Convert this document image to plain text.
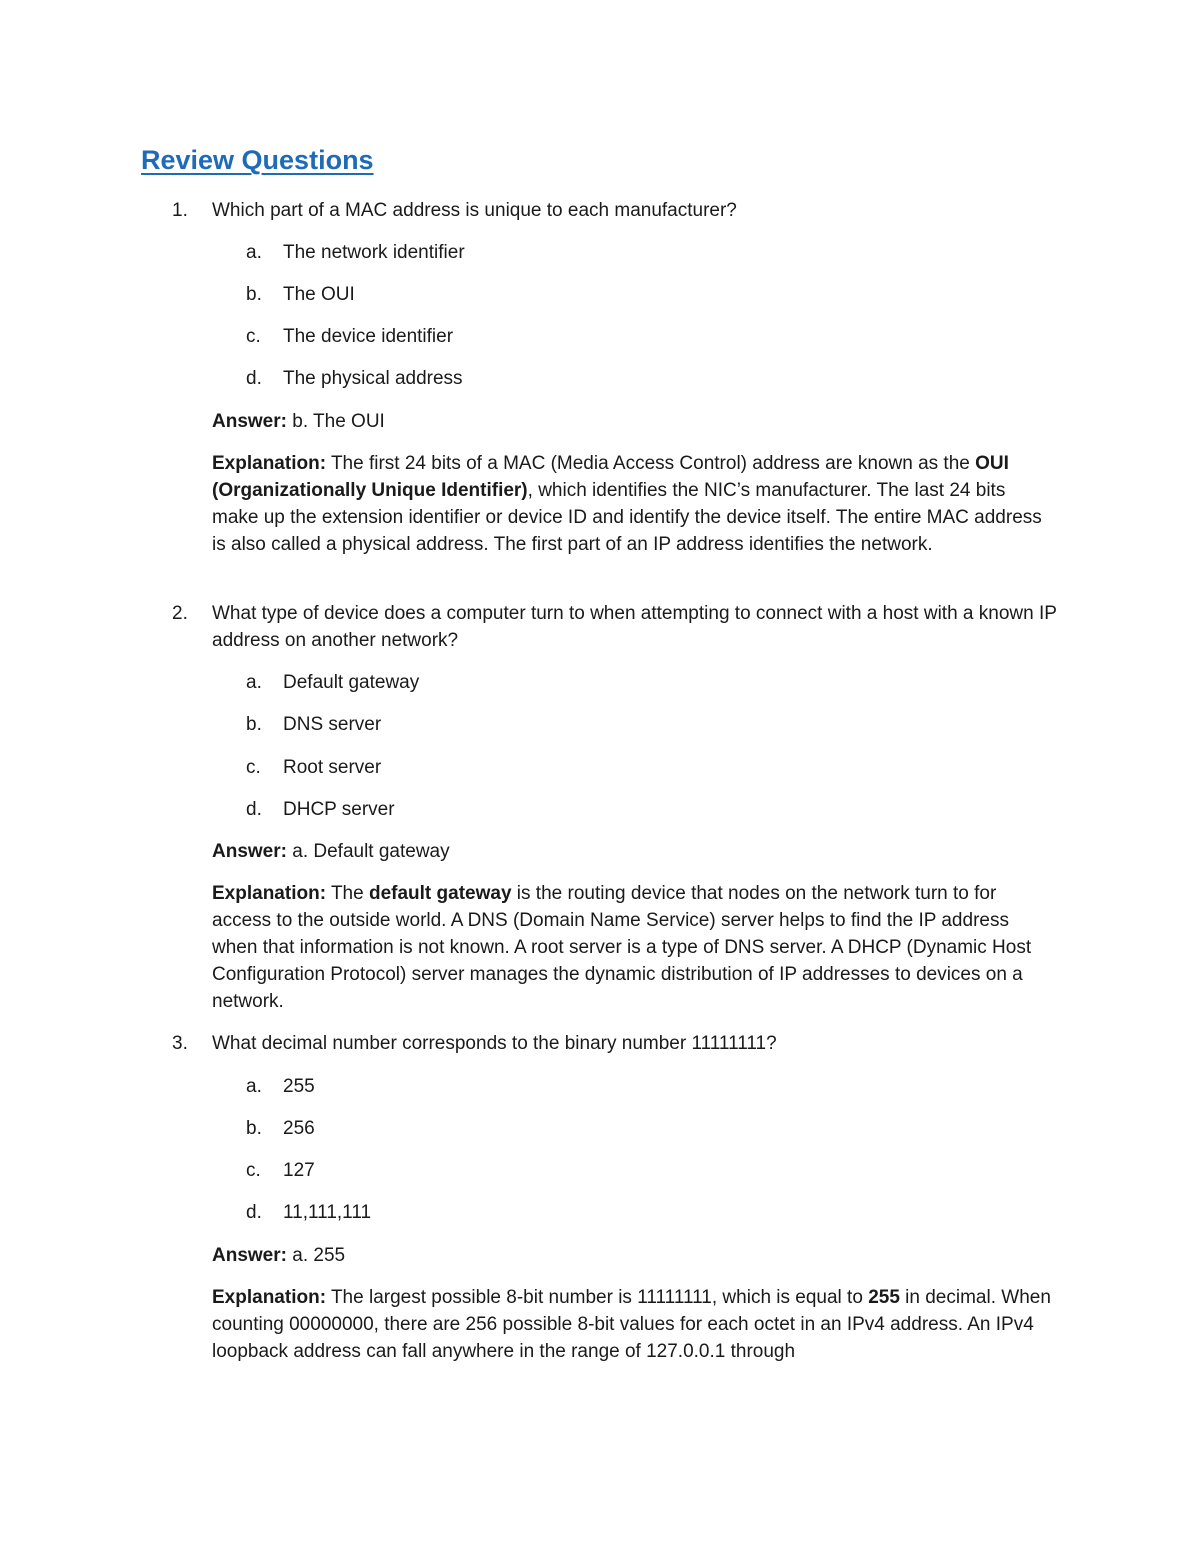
Review Questions
1. Which part of a MAC address is unique to each manufacturer?
a. The network identifier
b. The OUI
c. The device identifier
d. The physical address
Answer: b. The OUI
Explanation: The first 24 bits of a MAC (Media Access Control) address are known as the OUI (Organizationally Unique Identifier), which identifies the NIC’s manufacturer. The last 24 bits make up the extension identifier or device ID and identify the device itself. The entire MAC address is also called a physical address. The first part of an IP address identifies the network.
2. What type of device does a computer turn to when attempting to connect with a host with a known IP address on another network?
a. Default gateway
b. DNS server
c. Root server
d. DHCP server
Answer: a. Default gateway
Explanation: The default gateway is the routing device that nodes on the network turn to for access to the outside world. A DNS (Domain Name Service) server helps to find the IP address when that information is not known. A root server is a type of DNS server. A DHCP (Dynamic Host Configuration Protocol) server manages the dynamic distribution of IP addresses to devices on a network.
3. What decimal number corresponds to the binary number 11111111?
a. 255
b. 256
c. 127
d. 11,111,111
Answer: a. 255
Explanation: The largest possible 8-bit number is 11111111, which is equal to 255 in decimal. When counting 00000000, there are 256 possible 8-bit values for each octet in an IPv4 address. An IPv4 loopback address can fall anywhere in the range of 127.0.0.1 through
